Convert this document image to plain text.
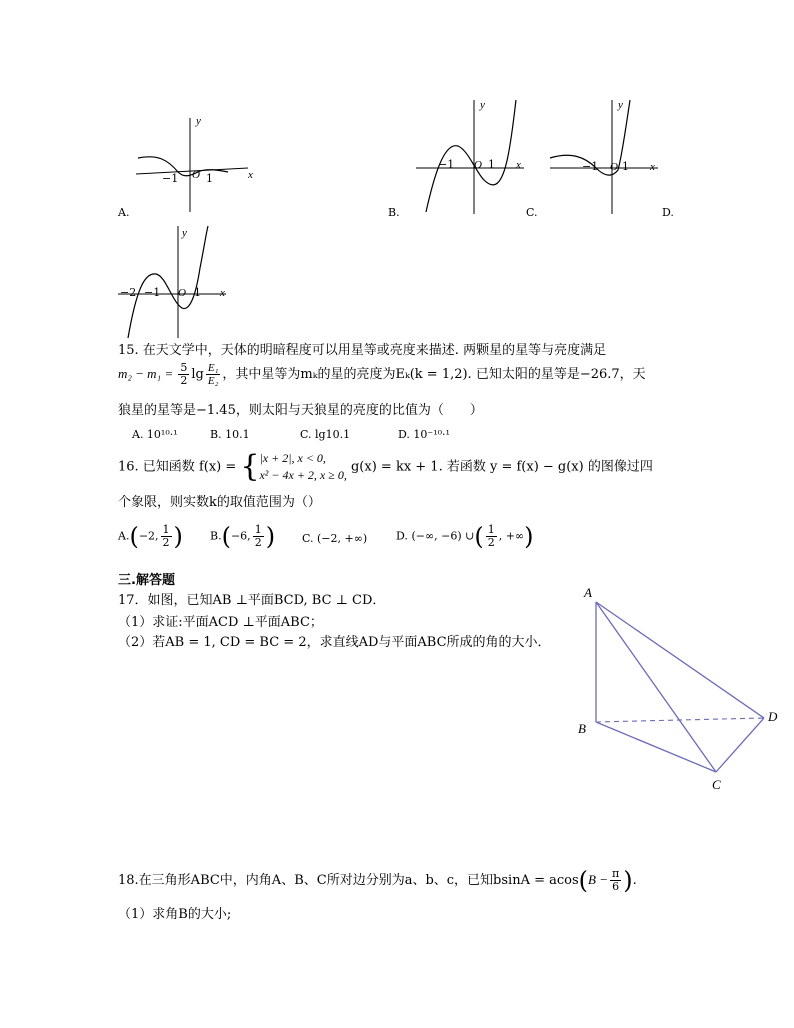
y
x
−1 O 1
A.
y
x
−1 O 1
B.
y
x
−1 O 1
C.	D.
y
x
−2 −1 O 1
15. 在天文学中，天体的明暗程度可以用星等或亮度来描述. 两颗星的星等与亮度满足
$m_2 - m_1 = \frac{5}{2}$ $\lg \frac{\text{E₁}}{\text{E₂}}$ ，其中星等为mₖ的星的亮度为Eₖ(k = 1,2). 已知太阳的星等是−26.7，天
狼星的星等是−1.45，则太阳与天狼星的亮度的比值为（　　）
A. 10¹⁰·¹	B. 10.1	C. lg10.1	D. 10⁻¹⁰·¹
16. 已知函数 f(x) = { |x + 2|, x < 0,
x² − 4x + 2, x ≥ 0,
g(x) = kx + 1. 若函数 y = f(x) − g(x) 的图像过四
个象限，则实数k的取值范围为（）
A.(−2, $\frac{1}{2}$ ) B.(−6, $\frac{1}{2}$ ) C. (−2, +∞)	D. (−∞, −6) ∪( $\frac{1}{2}$ , +∞)
三.解答题
17．如图，已知AB ⊥平面BCD, BC ⊥ CD．
（1）求证:平面ACD ⊥平面ABC；
（2）若AB = 1, CD = BC = 2，求直线AD与平面ABC所成的角的大小．
A
B
C
D
18.在三角形ABC中，内角A、B、C所对边分别为a、b、c，已知$bsinA = acos(B - \frac{\pi}{6}$ ).
（1）求角B的大小;
